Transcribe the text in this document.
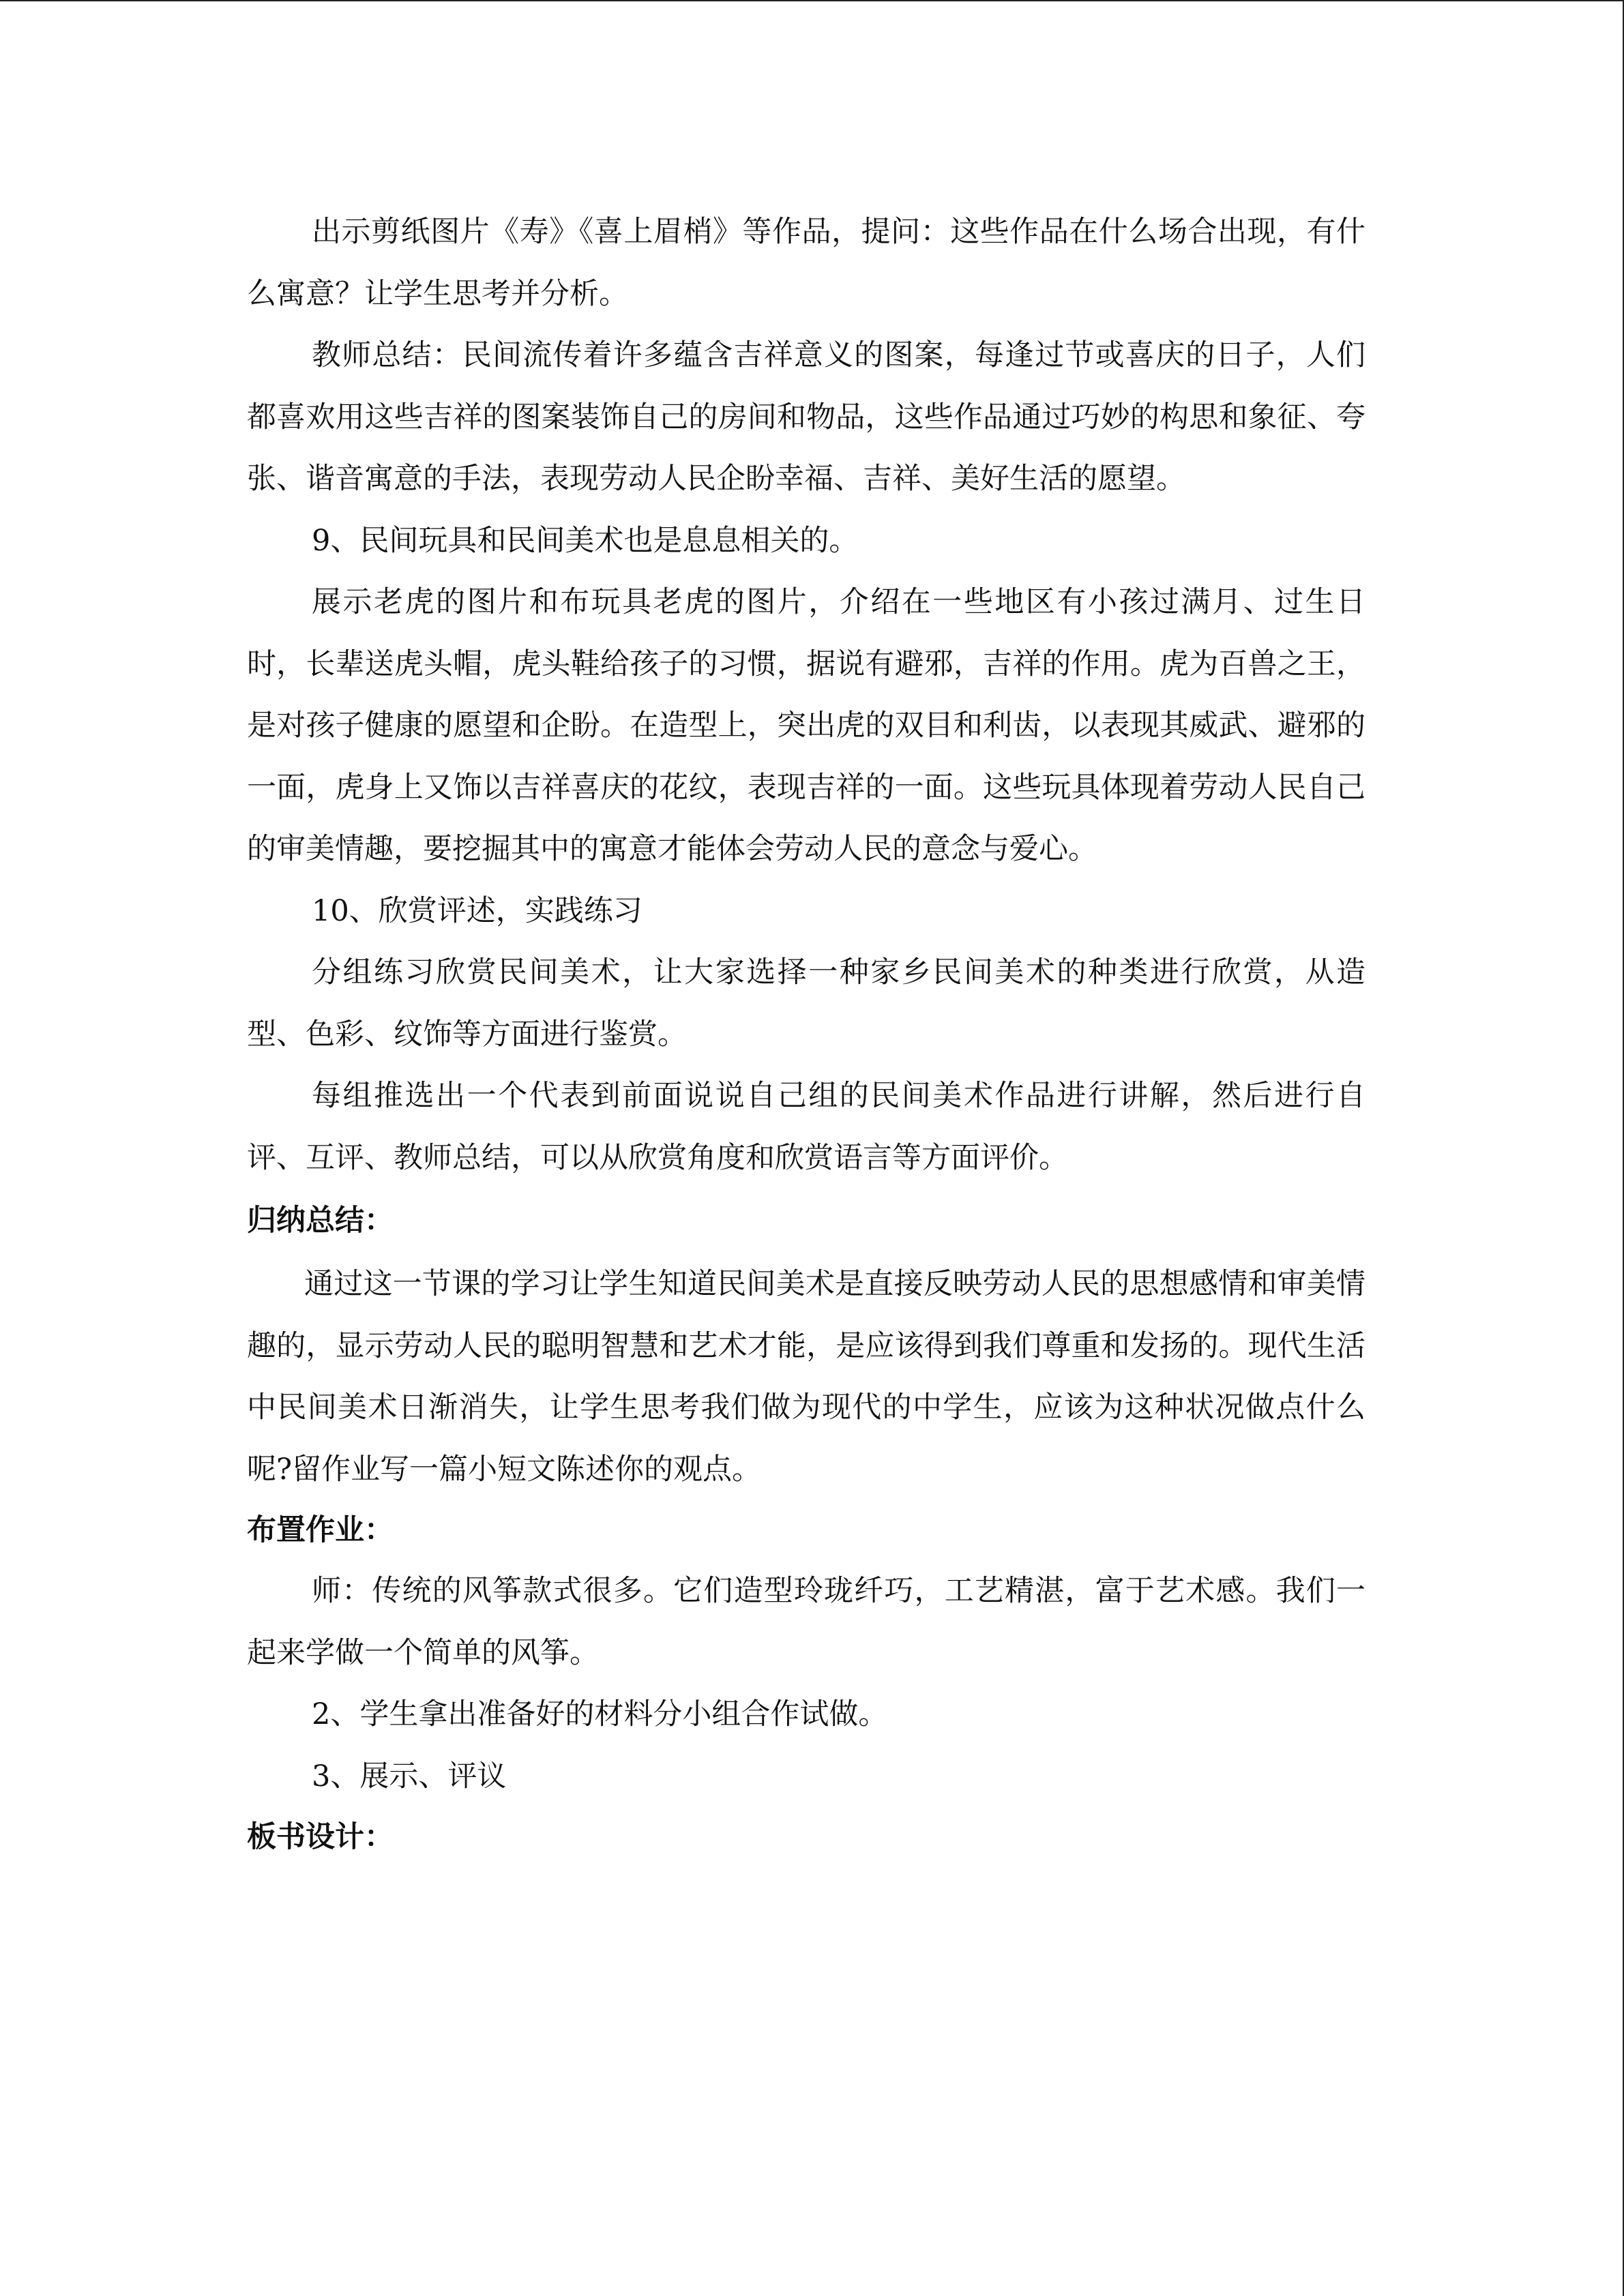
出示剪纸图片《寿》《喜上眉梢》等作品，提问：这些作品在什么场合出现，有什么寓意？让学生思考并分析。

教师总结：民间流传着许多蕴含吉祥意义的图案，每逢过节或喜庆的日子，人们都喜欢用这些吉祥的图案装饰自己的房间和物品，这些作品通过巧妙的构思和象征、夸张、谐音寓意的手法，表现劳动人民企盼幸福、吉祥、美好生活的愿望。

9、民间玩具和民间美术也是息息相关的。

展示老虎的图片和布玩具老虎的图片，介绍在一些地区有小孩过满月、过生日时，长辈送虎头帽，虎头鞋给孩子的习惯，据说有避邪，吉祥的作用。虎为百兽之王，是对孩子健康的愿望和企盼。在造型上，突出虎的双目和利齿，以表现其威武、避邪的一面，虎身上又饰以吉祥喜庆的花纹，表现吉祥的一面。这些玩具体现着劳动人民自己的审美情趣，要挖掘其中的寓意才能体会劳动人民的意念与爱心。

10、欣赏评述，实践练习

分组练习欣赏民间美术，让大家选择一种家乡民间美术的种类进行欣赏，从造型、色彩、纹饰等方面进行鉴赏。

每组推选出一个代表到前面说说自己组的民间美术作品进行讲解，然后进行自评、互评、教师总结，可以从欣赏角度和欣赏语言等方面评价。

归纳总结：

通过这一节课的学习让学生知道民间美术是直接反映劳动人民的思想感情和审美情趣的，显示劳动人民的聪明智慧和艺术才能，是应该得到我们尊重和发扬的。现代生活中民间美术日渐消失，让学生思考我们做为现代的中学生，应该为这种状况做点什么呢?留作业写一篇小短文陈述你的观点。

布置作业：

师：传统的风筝款式很多。它们造型玲珑纤巧，工艺精湛，富于艺术感。我们一起来学做一个简单的风筝。

2、学生拿出准备好的材料分小组合作试做。

3、展示、评议

板书设计：
